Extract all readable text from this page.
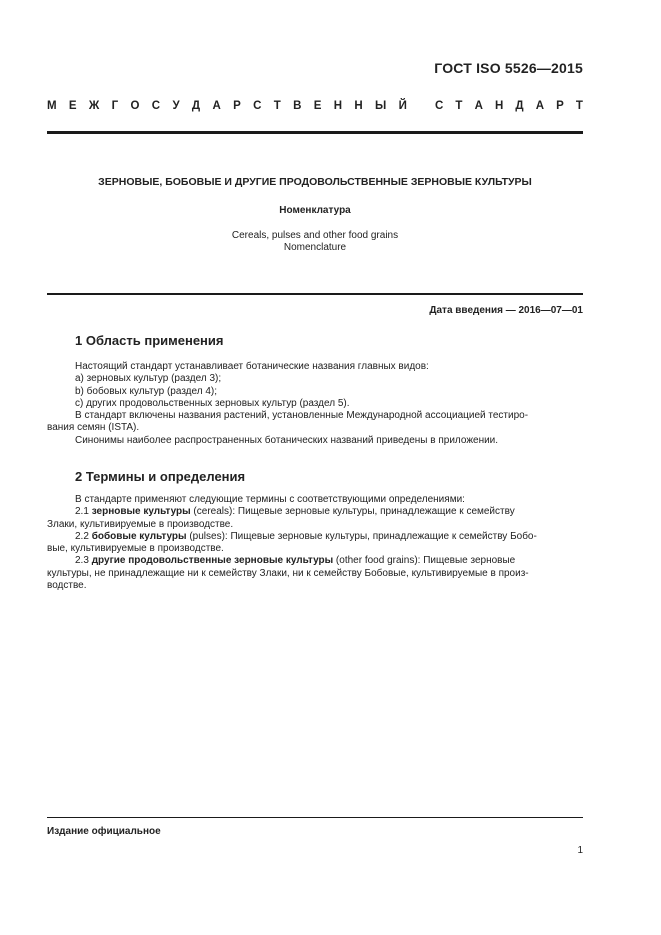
ГОСТ ISO 5526—2015
М Е Ж Г О С У Д А Р С Т В Е Н Н Ы Й С Т А Н Д А Р Т
ЗЕРНОВЫЕ, БОБОВЫЕ И ДРУГИЕ ПРОДОВОЛЬСТВЕННЫЕ ЗЕРНОВЫЕ КУЛЬТУРЫ
Номенклатура
Cereals, pulses and other food grains
Nomenclature
Дата введения — 2016—07—01
1 Область применения

Настоящий стандарт устанавливает ботанические названия главных видов:

a) зерновых культур (раздел 3);

b) бобовых культур (раздел 4);

c) других продовольственных зерновых культур (раздел 5).

В стандарт включены названия растений, установленные Международной ассоциацией тестиро-

вания семян (ISTA).

Синонимы наиболее распространенных ботанических названий приведены в приложении.

2 Термины и определения

В стандарте применяют следующие термины с соответствующими определениями:

2.1 зерновые культуры (cereals): Пищевые зерновые культуры, принадлежащие к семейству

Злаки, культивируемые в производстве.

2.2 бобовые культуры (pulses): Пищевые зерновые культуры, принадлежащие к семейству Бобо-

вые, культивируемые в производстве.

2.3 другие продовольственные зерновые культуры (other food grains): Пищевые зерновые

культуры, не принадлежащие ни к семейству Злаки, ни к семейству Бобовые, культивируемые в произ-

водстве.

Издание официальное
1
